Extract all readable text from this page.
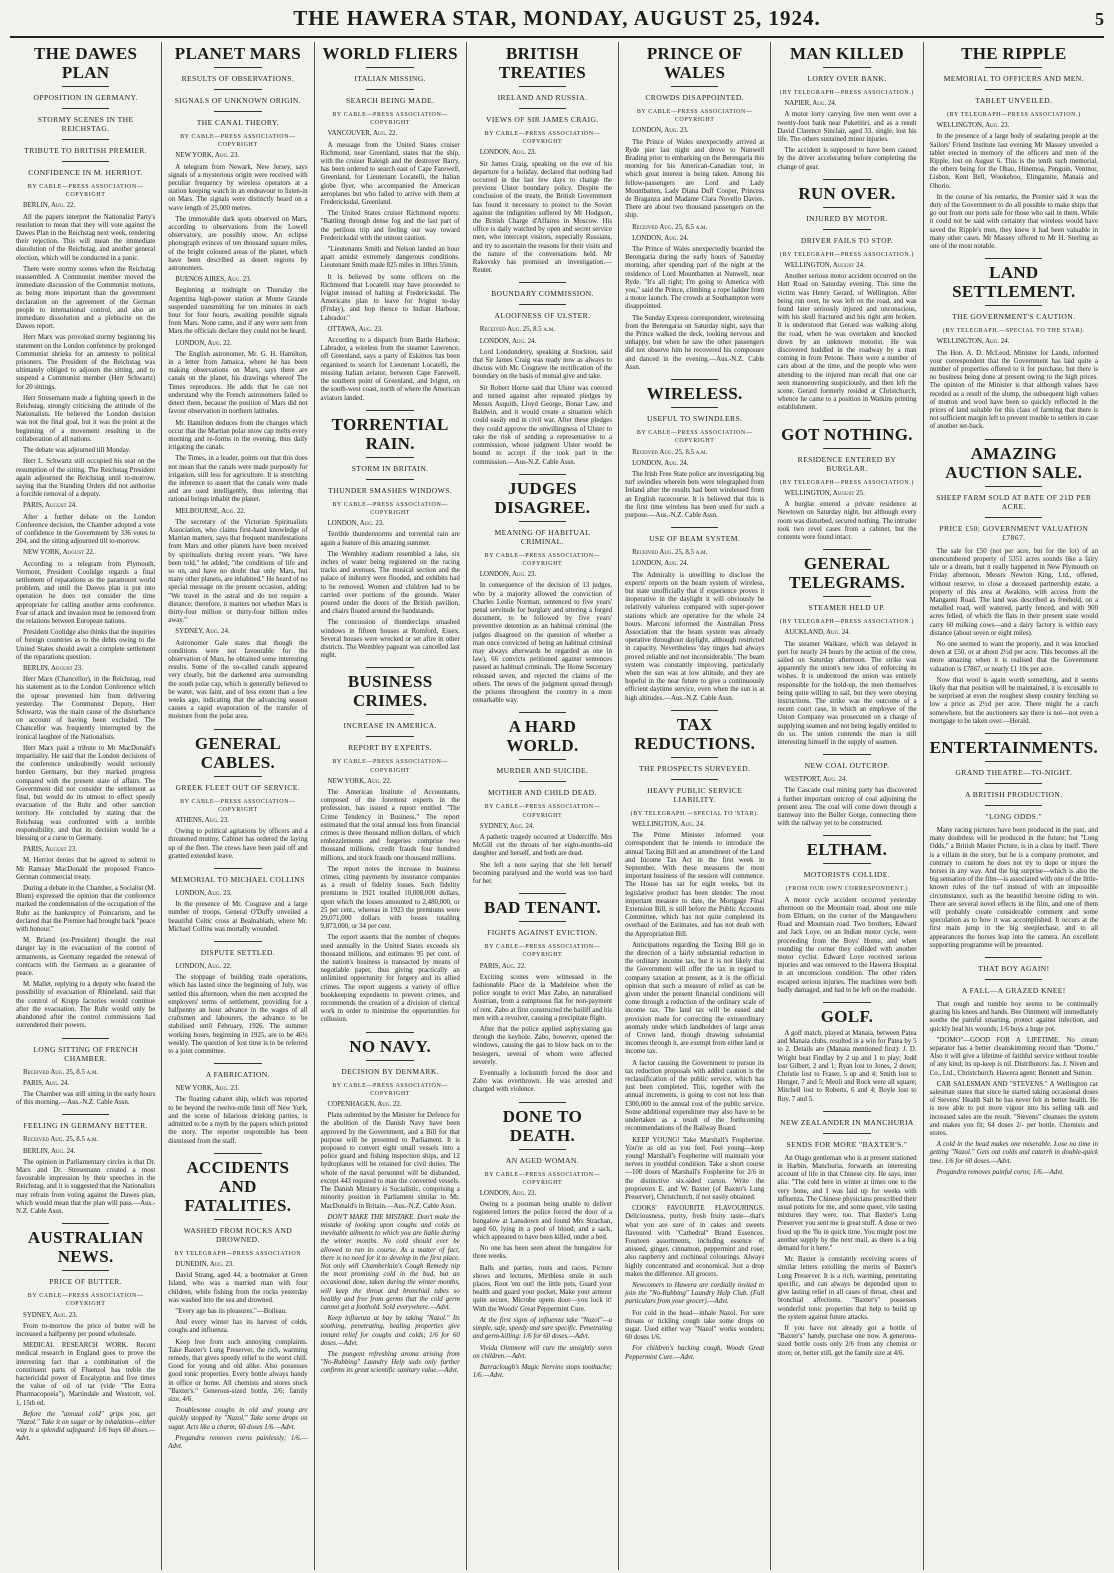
THE HAWERA STAR, MONDAY, AUGUST 25, 1924.	5
THE DAWES PLAN
OPPOSITION IN GERMANY.
STORMY SCENES IN THE REICHSTAG.
TRIBUTE TO BRITISH PREMIER.
CONFIDENCE IN M. HERRIOT.
BY CABLE—PRESS ASSOCIATION—COPYRIGHT

BERLIN, Aug. 22.

All the papers interpret the Nationalist Party's resolution to mean that they will vote against the Dawes Plan in the Reichstag next week, rendering their rejection. This will mean the immediate dissolution of the Reichstag, and another general election, which will be conducted in a panic.

There were stormy scenes when the Reichstag reassembled. A Communist member moved the immediate discussion of the Communist motions, as being more important than the government declaration on the agreement of the German people to international control, and also an immediate dissolution and a plebiscite on the Dawes report.

Herr Marx was provoked stormy beginning his statement on the London conference by prolonged Communist shrieks for an amnesty to political prisoners. The President of the Reichstag was ultimately obliged to adjourn the sitting, and to suspend a Communist member (Herr Schwartz) for 20 sittings.

Herr Stresemann made a fighting speech in the Reichstag, strongly criticising the attitude of the Nationalists. He believed the London decision was not the final goal, but it was the point at the beginning of a movement resulting in the collaboration of all nations.

The debate was adjourned till Monday.

Herr L. Schwartz still occupied his seat on the resumption of the sitting. The Reichstag President again adjourned the Reichstag until to-morrow, saying that the Standing Orders did not authorise a forcible removal of a deputy.

PARIS, August 24.

After a further debate on the London Conference decision, the Chamber adopted a vote of confidence in the Government by 336 votes to 204, and the sitting adjourned till to-morrow.

NEW YORK, August 22.

According to a telegram from Plymouth, Vermont, President Coolidge regards a final settlement of reparations as the paramount world problem, and until the Dawes plan is put into operation he does not consider the time appropriate for calling another arms conference. Fear of attack and invasion must be removed from the relations between European nations.

President Coolidge also thinks that the inquiries of foreign countries as to the debts owing to the United States should await a complete settlement of the reparations question.

BERLIN, August 23.

Herr Marx (Chancellor), in the Reichstag, read his statement as to the London Conference which the uproar prevented him from delivering yesterday. The Communist Deputy, Herr Schwartz, was the main cause of the disturbance on account of having been excluded. The Chancellor was frequently interrupted by the ironical laughter of the Nationalists.

Herr Marx paid a tribute to Mr MacDonald's impartiality. He said that the London decisions of the conference undoubtedly would seriously burden Germany, but they marked progress compared with the present state of affairs. The Government did not consider the settlement as final, but would do its utmost to effect speedy evacuation of the Ruhr and other sanction territory. He concluded by stating that the Reichstag was confronted with a terrible responsibility, and that its decision would be a blessing or a curse to Germany.

PARIS, August 23.

M. Herriot denies that he agreed to submit to Mr Ramsay MacDonald the proposed Franco-German commercial treaty.

During a debate in the Chamber, a Socialist (M. Blum) expressed the opinion that the conference marked the condemnation of the occupation of the Ruhr as the bankruptcy of Poincarism, and he declared that the Premier had brought back "peace with honour."

M. Briand (ex-President) thought the real danger lay in the evacuation of the control of armaments, as Germany regarded the renewal of contracts with the Germans as a guarantee of peace.

M. Mallet, replying to a deputy who feared the possibility of evacuation of Rhineland, said that the control of Krupp factories would continue after the evacuation. The Ruhr would only be abandoned after the control commissions had surrendered their powers.

LONG SITTING OF FRENCH CHAMBER.

Received Aug. 25, 8.5 a.m.

PARIS, Aug. 24.

The Chamber was still sitting in the early hours of this morning.—Aus.-N.Z. Cable Assn.

FEELING IN GERMANY BETTER.

Received Aug. 25, 8.5 a.m.

BERLIN, Aug. 24.

The opinion in Parliamentary circles is that Dr. Marx and Dr. Stresemann created a most favourable impression by their speeches in the Reichstag, and it is suggested that the Nationalists may refrain from voting against the Dawes plan, which would mean that the plan will pass.—Aus.-N.Z. Cable Assn.

AUSTRALIAN NEWS.
PRICE OF BUTTER.
BY CABLE—PRESS ASSOCIATION—COPYRIGHT

SYDNEY, Aug. 23.

From to-morrow the price of butter will be increased a halfpenny per pound wholesale.

MEDICAL RESEARCH WORK. Recent medical research in England goes to prove the interesting fact that a combination of the constituent parts of Fluenzol has treble the bactericidal power of Eucalyptus and five times the value of oil of tar (vide "The Extra Pharmacopoeia"), Martindale and Westcott, vol. 1, 15th ed.

Before the "annual cold" grips you, get "Nazol." Take it on sugar or by inhalation—either way is a splendid safeguard: 1/6 buys 60 doses.—Advt.

PLANET MARS
RESULTS OF OBSERVATIONS.
SIGNALS OF UNKNOWN ORIGIN.
THE CANAL THEORY.
BY CABLE—PRESS ASSOCIATION—COPYRIGHT

NEW YORK, Aug. 23.

A telegram from Newark, New Jersey, says signals of a mysterious origin were received with peculiar frequency by wireless operators at a station keeping watch in an endeavour to listen-in on Mars. The signals were distinctly heard on a wave length of 25,000 metres.

The immovable dark spots observed on Mars, according to observations from the Lowell observatory, are possibly snow. An eclipse photograph evinces of ten thousand square miles, of the bright coloured areas of the planet, which have been described as desert regions by astronomers.

BUENOS AIRES, Aug. 23.

Beginning at midnight on Thursday the Argentina high-power station at Monte Grande suspended transmitting for ten minutes in each hour for four hours, awaiting possible signals from Mars. None came, and if any were sent from Mars the officials declare they could not be heard.

LONDON, Aug. 22.

The English astronomer, Mr. G. H. Hamilton, in a letter from Jamaica, where he has been making observations on Mars, says there are canals on the planet, his drawings whereof The Times reproduces. He adds that he can not understand why the French astronomers failed to detect them, because the position of Mars did not favour observation in northern latitudes.

Mr. Hamilton deduces from the changes which occur that the Martian polar snow cap melts every morning and re-forms in the evening, thus daily irrigating the canals.

The Times, in a leader, points out that this does not mean that the canals were made purposely for irrigation, still less for agriculture. It is stretching the inference to assert that the canals were made and are used intelligently, thus inferring that rational beings inhabit the planet.

MELBOURNE, Aug. 22.

The secretary of the Victorian Spiritualists Association, who claims first-hand knowledge of Martian matters, says that frequent manifestations from Mars and other planets have been received by spiritualists during recent years. "We have been told," he added, "the conditions of life and so on, and have no doubt that only Mars, but many other planets, are inhabited." He heard of no special message on the present occasion, adding: "We travel in the astral and do not require a distance; therefore, it matters not whether Mars is thirty-four million or thirty-four billion miles away."

SYDNEY, Aug. 24.

Astronomer Gale states that though the conditions were not favourable for the observation of Mars, he obtained some interesting results. Some of the so-called canals appeared very clearly, but the darkened area surrounding the south polar cap, which is generally believed to be water, was faint, and of less extent than a few weeks ago, indicating that the advancing season causes a rapid evaporation of the transfer of moisture from the polar area.

GENERAL CABLES.
GREEK FLEET OUT OF SERVICE.
BY CABLE—PRESS ASSOCIATION—COPYRIGHT

ATHENS, Aug. 23.

Owing to political agitations by officers and a threatened mutiny, Cabinet has ordered the laying up of the fleet. The crews have been paid off and granted extended leave.

MEMORIAL TO MICHAEL COLLINS

LONDON, Aug. 23.

In the presence of Mr. Cosgrave and a large number of troops, General O'Duffy unveiled a beautiful Celtic cross at Bealnablath, where Mr. Michael Collins was mortally wounded.

DISPUTE SETTLED.

LONDON, Aug. 22.

The stoppage of building trade operations, which has lasted since the beginning of July, was settled this afternoon, when the men accepted the employers' terms of settlement, providing for a halfpenny an hour advance in the wages of all craftsmen and labourers, the advance to be stabilised until February, 1926. The summer working hours, beginning in 1925, are to be 46½ weekly. The question of lost time is to be referred to a joint committee.

A FABRICATION.

NEW YORK, Aug. 23.

The floating cabaret ship, which was reported to be beyond the twelve-mile limit off New York, and the scene of hilarious drinking parties, is admitted to be a myth by the papers which printed the story. The reporter responsible has been dismissed from the staff.

ACCIDENTS AND FATALITIES.
WASHED FROM ROCKS AND DROWNED.
BY TELEGRAPH—PRESS ASSOCIATION

DUNEDIN, Aug. 23.

David Strang, aged 44, a bootmaker at Green Island, who was a married man with four children, while fishing from the rocks yesterday was washed into the sea and drowned.

"Every age has its pleasures."—Boileau.

And every winter has its harvest of colds, coughs and influenza.

Keep free from such annoying complaints. Take Baxter's Lung Preserver, the rich, warming remedy, that gives speedy relief to the worst chill. Good for young and old alike. Also possesses good tonic properties. Every bottle always handy in office or home. All chemists and stores stock "Baxter's." Generous-sized bottle, 2/6; family size, 4/6.

Troublesome coughs in old and young are quickly stopped by "Nazol." Take some drops on sugar. Acts like a charm; 60 doses 1/6.—Advt.

Pregandra removes corns painlessly; 1/6.—Advt.

WORLD FLIERS
ITALIAN MISSING.
SEARCH BEING MADE.
BY CABLE—PRESS ASSOCIATION—COPYRIGHT

VANCOUVER, Aug. 22.

A message from the United States cruiser Richmond, near Greenland, states that the ship, with the cruiser Raleigh and the destroyer Barry, has been ordered to search east of Cape Farewell, Greenland, for Lieutenant Locatelli, the Italian globe flyer, who accompanied the American aeroplanes but who failed to arrive with them at Fredericksdal, Greenland.

The United States cruiser Richmond reports: "Battling through dense fog and the last part of the perilous trip and feeling our way toward Fredericksdal with the utmost caution.

"Lieutenants Smith and Nelson landed an hour apart amidst extremely dangerous conditions. Lieutenant Smith made 825 miles in 10hrs 55min.

It is believed by some officers on the Richmond that Locatelli may have proceeded to Ivigtut instead of halting at Fredericksdal. The Americans plan to leave for Ivigtut to-day (Friday), and hop thence to Indian Harbour, Labrador."

OTTAWA, Aug. 23.

According to a dispatch from Battle Harbour, Labrador, a wireless from the steamer Lawrence, off Greenland, says a party of Eskimos has been organised to search for Lieutenant Locatelli, the missing Italian aviator, between Cape Farewell, the southern point of Greenland, and Ivigtut, on the south-west coast, north of where the American aviators landed.

TORRENTIAL RAIN.
STORM IN BRITAIN.
THUNDER SMASHES WINDOWS.
BY CABLE—PRESS ASSOCIATION—COPYRIGHT

LONDON, Aug. 23.

Terrible thunderstorms and torrential rain are again a feature of this amazing summer.

The Wembley stadium resembled a lake, six inches of water being registered on the racing tracks and avenues. The musical section and the palace of industry were flooded, and exhibits had to be removed. Women and children had to be carried over portions of the grounds. Water poured under the doors of the British pavilion, and chairs floated around the bandstands.

The concussion of thunderclaps smashed windows in fifteen houses at Romford, Essex. Several houses were wrecked or set afire in other districts. The Wembley pageant was cancelled last night.

BUSINESS CRIMES.
INCREASE IN AMERICA.
REPORT BY EXPERTS.
BY CABLE—PRESS ASSOCIATION—COPYRIGHT

NEW YORK, Aug. 22.

The American Institute of Accountants, composed of the foremost experts in the profession, has issued a report entitled "The Crime Tendency in Business." The report estimated that the total annual loss from financial crimes is three thousand million dollars, of which embezzlements and forgeries comprise two thousand millions, credit frauds four hundred millions, and stock frauds one thousand millions.

The report notes the increase in business crimes, citing payments by insurance companies as a result of fidelity losses. Such fidelity premiums in 1921 totalled 10,008,000 dollars, upon which the losses amounted to 2,480,000, or 25 per cent., whereas in 1923 the premiums were 29,071,000 dollars with losses totalling 9,873,000, or 34 per cent.

The report asserts that the number of cheques used annually in the United States exceeds six thousand millions, and estimates 95 per cent. of the nation's business is transacted by means of negotiable paper, thus giving practically an unlimited opportunity for forgery and its allied crimes. The report suggests a variety of office bookkeeping expedients to prevent crimes, and recommends the creation of a division of clerical work in order to minimise the opportunities for collusion.

NO NAVY.
DECISION BY DENMARK.
BY CABLE—PRESS ASSOCIATION—COPYRIGHT

COPENHAGEN, Aug. 22.

Plans submitted by the Minister for Defence for the abolition of the Danish Navy have been approved by the Government, and a Bill for that purpose will be presented to Parliament. It is proposed to convert eight small vessels into a police guard and fishing inspection ships, and 12 hydroplanes will be retained for civil duties. The whole of the naval personnel will be disbanded, except 443 required to man the converted vessels. The Danish Ministry is Socialistic, comprising a minority position in Parliament similar to Mr. MacDonald's in Britain.—Aus.-N.Z. Cable Assn.

DON'T MAKE THE MISTAKE. Don't make the mistake of looking upon coughs and colds as inevitable ailments to which you are liable during the winter months. No cold should ever be allowed to run its course. As a matter of fact, there is no need for it to develop in the first place. Not only will Chamberlain's Cough Remedy nip the most promising cold in the bud, but an occasional dose, taken during the winter months, will keep the throat and bronchial tubes so healthy and free from germs that the cold germ cannot get a foothold. Sold everywhere.—Advt.

Keep influenza at bay by taking "Nazol." Its soothing, penetrating, healing properties give instant relief for coughs and colds; 1/6 for 60 doses.—Advt.

The pungent refreshing aroma arising from "No-Rubbing" Laundry Help suds only further confirms its great scientific sanitary value.—Advt.

BRITISH TREATIES
IRELAND AND RUSSIA.
VIEWS OF SIR JAMES CRAIG.
BY CABLE—PRESS ASSOCIATION—COPYRIGHT

LONDON, Aug. 23.

Sir James Craig, speaking on the eve of his departure for a holiday, declared that nothing had occurred in the last few days to change the previous Ulster boundary policy. Despite the conclusion of the treaty, the British Government has found it necessary to protect to the Soviet against the indignities suffered by Mr Hodgson, the British Charge d'Affaires in Moscow. His office is daily watched by open and secret service men, who intercept visitors, especially Russians, and try to ascertain the reasons for their visits and the nature of the conversations held. Mr Rakovsky has promised an investigation.—Reuter.

BOUNDARY COMMISSION.
ALOOFNESS OF ULSTER.

Received Aug. 25, 8.5 a.m.

LONDON, Aug. 24.

Lord Londonderry, speaking at Stockton, said that Sir James Craig was ready now as always to discuss with Mr. Cosgrave the rectification of the boundary on the basis of mutual give and take.

Sir Robert Horne said that Ulster was coerced and turned against after repeated pledges by Messrs Asquith, Lloyd George, Bonar Law, and Baldwin, and it would create a situation which could easily end in civil war. After these pledges they could approve the unwillingness of Ulster to take the risk of sending a representative to a commission, whose judgment Ulster would be bound to accept if the took part in the commission.—Aus-N.Z. Cable Assn.

JUDGES DISAGREE.
MEANING OF HABITUAL CRIMINAL.
BY CABLE—PRESS ASSOCIATION—COPYRIGHT

LONDON, Aug. 23.

In consequence of the decision of 13 judges, who by a majority allowed the conviction of Charles Leslie Norman, sentenced to five years' penal servitude for burglary and uttering a forged document, to be followed by five years' preventive detention as an habitual criminal (the judges disagreed on the question of whether a man once convicted of being an habitual criminal may always afterwards be regarded as one in law), 66 convicts petitioned against sentences passed as habitual criminals. The Home Secretary released seven, and rejected the claims of the others. The news of the judgment spread through the prisons throughout the country in a most remarkable way.

A HARD WORLD.
MURDER AND SUICIDE.
MOTHER AND CHILD DEAD.
BY CABLE—PRESS ASSOCIATION—COPYRIGHT

SYDNEY, Aug. 24.

A pathetic tragedy occurred at Underciffe. Mrs McGill cut the throats of her eight-months-old daughter and herself, and both are dead.

She left a note saying that she felt herself becoming paralysed and the world was too hard for her.

BAD TENANT.
FIGHTS AGAINST EVICTION.
BY CABLE—PRESS ASSOCIATION—COPYRIGHT

PARIS, Aug. 22.

Exciting scenes were witnessed in the fashionable Place de la Madeleine when the police sought to evict Max Zabo, an naturalised Austrian, from a sumptuous flat for non-payment of rent. Zabo at first constructed the bailiff and his men with a revolver, causing a precipitate flight.

After that the police applied asphyxiating gas through the keyhole. Zabo, however, opened the windows, causing the gas to blow back on to the besiegers, several of whom were affected severely.

Eventually a locksmith forced the door and Zabo was overthrown. He was arrested and charged with violence.

DONE TO DEATH.
AN AGED WOMAN.
BY CABLE—PRESS ASSOCIATION—COPYRIGHT

LONDON, Aug. 23.

Owing to a postman being unable to deliver registered letters the police forced the door of a bungalow at Lansdown and found Mrs Strachan, aged 60, lying in a pool of blood, and a sack, which appeared to have been killed, under a bed.

No one has been seen about the bungalow for three weeks.

Balls and parties, routs and races, Picture shows and lectures, Mirthless smile in such places, Root 'em out! the little pets, Guard your health and guard your pocket, Make your armour quite secure, Microbe opens door—you lock it! With the Woods' Great Peppermint Cure.

At the first signs of influenza take "Nazol"—a simple, safe, speedy and sure specific. Penetrating and germ-killing: 1/6 for 60 doses.—Advt.

Vivida Ointment will cure the unsightly sores on children.—Advt.

Barraclough's Magic Nervine stops toothache; 1/6.—Advt.

PRINCE OF WALES
CROWDS DISAPPOINTED.
BY CABLE—PRESS ASSOCIATION—COPYRIGHT

LONDON, Aug. 23.

The Prince of Wales unexpectedly arrived at Ryde pier last night and drove to Nunwell Brading prior to embarking on the Berengaria this morning for his American-Canadian tour, in which great interest is being taken. Among his fellow-passengers are Lord and Lady Mountbatten, Lady Diana Duff Cooper, Princess de Braganza and Madame Clara Novello Davies. There are about two thousand passengers on the ship.

Received Aug. 25, 8.5 a.m.

LONDON, Aug. 24.

The Prince of Wales unexpectedly boarded the Berengaria during the early hours of Saturday morning, after spending part of the night at the residence of Lord Mountbatten at Nunwell, near Ryde. "It's all right; I'm going to America with you," said the Prince, climbing a rope ladder from a motor launch. The crowds at Southampton were disappointed.

The Sunday Express correspondent, wirelessing from the Berengaria on Saturday night, says that the Prince walked the deck, looking nervous and unhappy, but when he saw the other passengers did not observe him he recovered his composure and danced in the evening.—Aus.-N.Z. Cable Assn.

WIRELESS.
USEFUL TO SWINDLERS.
BY CABLE—PRESS ASSOCIATION—COPYRIGHT

Received Aug. 25, 8.5 a.m.

LONDON, Aug. 24.

The Irish Free State police are investigating big turf swindles wherein bets were telegraphed from Ireland after the results had been wirelessed from an English racecourse. It is believed that this is the first time wireless has been used for such a purpose.—Aus.-N.Z. Cable Assn.

USE OF BEAM SYSTEM.

Received Aug. 25, 8.5 a.m.

LONDON, Aug. 24.

The Admiralty is unwilling to disclose the experts' reports on the beam system of wireless, but state unofficially that if experience proves it inoperative in the daylight it will obviously be relatively valueless compared with super-power stations which are operative for the whole 24 hours. Marconi informed the Australian Press Association that the beam system was already operative throughout daylight, although restricted in capacity. Nevertheless 'day tinges had always proved reliable and not inconsiderable.' The beam system was constantly improving, particularly when the sun was at low altitude, and they are hopeful in the near future to give a continuously efficient daytime service, even when the sun is at high altitudes.—Aus.-N.Z. Cable Assn.

TAX REDUCTIONS.
THE PROSPECTS SURVEYED.
HEAVY PUBLIC SERVICE LIABILITY.
(BY TELEGRAPH.—SPECIAL TO 'STAR).

WELLINGTON, Aug. 24.

The Prime Minister informed your correspondent that he intends to introduce the annual Taxing Bill and an amendment of the Land and Income Tax Act in the first week in September. With these measures the most important business of the session will commence. The House has sat for eight weeks, but its legislative product has been slender. The most important measure to date, the Mortgage Final Extension Bill, is still before the Public Accounts Committee, which has not quite completed its overhaul of the Estimates, and has not dealt with the Appropriation Bill.

Anticipations regarding the Taxing Bill go in the direction of a fairly substantial reduction in the ordinary income tax, but it is not likely that the Government will offer the tax in regard to company taxation at present, as it is the official opinion that such a measure of relief as can be given under the present financial conditions will come through a reduction of the ordinary scale of income tax. The land tax will be eased and provision made for correcting the extraordinary anomaly under which landholders of large areas of Crown land, though drawing substantial incomes through it, are exempt from either land or income tax.

A factor causing the Government to pursue its tax reduction proposals with added caution is the reclassification of the public service, which has just been completed. This, together with the annual increments, is going to cost not less than £300,000 to the annual cost of the public service. Some additional expenditure may also have to be undertaken as a result of the forthcoming recommendations of the Railway Board.

KEEP YOUNG! Take Marshall's Fospherine. You're as old as you feel. Feel young—keep young! Marshall's Fospherine will maintain your nerves in youthful condition. Take a short course—100 doses of Marshall's Fospherine for 2/6 in the distinctive six-sided carton. Write the proprietors E. and W. Baxter (of Baxter's Lung Preserver), Christchurch, if not easily obtained.

COOKS' FAVOURITE FLAVOURINGS. Deliciousness, purity, fresh fruity taste—that's what you are sure of in cakes and sweets flavoured with "Cathedral" Brand Essences. Fourteen assortments, including essence of aniseed, ginger, cinnamon, peppermint and rose; also raspberry and cochineal colourings. Always highly concentrated and economical. Just a drop makes the difference. All grocers.

Newcomers to Hawera are cordially invited to join the "No-Rubbing" Laundry Help Club. (Full particulars from your grocer).—Advt.

For cold in the head—inhale Nazol. For sore throats or tickling cough take some drops on sugar. Used either way "Nazol" works wonders; 60 doses 1/6.

For children's hacking cough, Woods Great Peppermint Cure.—Advt.

MAN KILLED
LORRY OVER BANK.
(BY TELEGRAPH—PRESS ASSOCIATION.)

NAPIER, Aug. 24.

A motor lorry carrying five men went over a twenty-foot bank near Puketitiri, and as a result David Clarence Sinclair, aged 33, single, lost his life. The others sustained minor injuries.

The accident is supposed to have been caused by the driver accelerating before completing the change of gear.

RUN OVER.
INJURED BY MOTOR.
DRIVER FAILS TO STOP.
(BY TELEGRAPH—PRESS ASSOCIATION.)

WELLINGTON, August 24.

Another serious motor accident occurred on the Hutt Road on Saturday evening. This time the victim was Henry Gerard, of Wellington. After being run over, he was left on the road, and was found later seriously injured and unconscious, with his skull fractured and his right arm broken. It is understood that Gerard was walking along the road, when he was overtaken and knocked down by an unknown motorist. He was discovered huddled in the roadway by a man coming in from Petone. There were a number of cars about at the time, and the people who were attending to the injured man recall that one car seen manoeuvring suspiciously, and then left the scene. Gerard formerly resided at Christchurch, whence he came to a position in Watkins printing establishment.

GOT NOTHING.
RESIDENCE ENTERED BY BURGLAR.
(BY TELEGRAPH—PRESS ASSOCIATION.)

WELLINGTON, August 25.

A burglar entered a private residence at Newtown on Saturday night, but although every room was disturbed, secured nothing. The intruder took two revel cases from a cabinet, but the contents were found intact.

GENERAL TELEGRAMS.
STEAMER HELD UP.
(BY TELEGRAPH—PRESS ASSOCIATION.)

AUCKLAND, Aug. 24.

The steamer Waikare, which was delayed in port for nearly 24 hours by the action of the crew, sailed on Saturday afternoon. The strike was apparently the union's new idea of enforcing its wishes. It is understood the union was entirely responsible for the hold-up, the men themselves being quite willing to sail, but they were obeying instructions. The strike was the outcome of a recent court case, in which an employee of the Union Company was prosecuted on a charge of supplying seamen and not being legally entitled to do so. The union contends the man is still interesting himself in the supply of seamen.

NEW COAL OUTCROP.

WESTPORT, Aug. 24.

The Cascade coal mining party has discovered a further important outcrop of coal adjoining the present area. The coal will come down through a tramway into the Buller Gorge, connecting there with the railway yet to be constructed.

ELTHAM.
MOTORISTS COLLIDE.
(FROM OUR OWN CORRESPONDENT.)

A motor cycle accident occurred yesterday afternoon on the Mountain road, about one mile from Eltham, on the corner of the Mangawhero Road and Mountain road. Two brothers, Edward and Jack Loye, on an Indian motor cycle, were proceeding from the Boys' Home, and when rounding the corner they collided with another motor cyclist. Edward Loye received serious injuries and was removed to the Hawera Hospital in an unconscious condition. The other riders escaped serious injuries. The machines were both badly damaged, and had to be left on the roadside.

GOLF.

A golf match, played at Manaia, between Patea and Manaia clubs, resulted in a win for Patea by 5 to 2. Details are (Manaia mentioned first): J. D. Wright beat Findlay by 2 up and 1 to play; Jodd lost Gilbert, 2 and 1; Ryan lost to Jones, 2 down; Christie lost to Fraser, 5 up and 4; Smith lost to Hunger, 7 and 5; Meuli and Rock were all square; Mitchell lost to Roberts, 6 and 4; Boyle lost to Ruy, 7 and 5.

NEW ZEALANDER IN MANCHURIA
SENDS FOR MORE "BAXTER'S."

An Otago gentleman who is at present stationed in Harbin, Manchuria, forwards an interesting account of life in that Chinese city. He says, inter alia: "The cold here in winter at times one to the very bone, and I was laid up for weeks with influenza. The Chinese physicians prescribed their usual potions for me, and some queer, vile tasting mixtures they were, too. That Baxter's Lung Preserver you sent me is great stuff. A dose or two fixed up the 'flu in quick time. You might post me another supply by the next mail, as there is a big demand for it here."

Mr. Baxter is constantly receiving scores of similar letters extolling the merits of Baxter's Lung Preserver. It is a rich, warming, penetrating specific, and can always be depended upon to give lasting relief in all cases of throat, chest and bronchial affections. "Baxter's" possesses wonderful tonic properties that help to build up the system against future attacks.

If you have not already got a bottle of "Baxter's" handy, purchase one now. A generous-sized bottle costs only 2/6 from any chemist or store; or, better still, get the family size at 4/6.

THE RIPPLE
MEMORIAL TO OFFICERS AND MEN.
TABLET UNVEILED.
(BY TELEGRAPH—PRESS ASSOCIATION.)

WELLINGTON, Aug. 23.

In the presence of a large body of seafaring people at the Sailors' Friend Institute last evening Mr Massey unveiled a tablet erected in memory of the officers and men of the Ripple, lost on August 6. This is the tenth such memorial, the others being for the Ohau, Hinemoa, Penguin, Ventnor, Lisbon, Kent Bell, Wookeboo, Elingamite, Manaia and Ohorio.

In the course of his remarks, the Premier said it was the duty of the Government to do all possible to make ships that go out from our ports safe for those who sail in them. While it could not be said with certainty that wireless would have saved the Ripple's men, they knew it had been valuable in many other cases. Mr Massey offered to Mr H. Sterling as one of the most notable.

LAND SETTLEMENT.
THE GOVERNMENT'S CAUTION.
(BY TELEGRAPH.—SPECIAL TO THE STAR).

WELLINGTON, Aug. 24.

The Hon. A. D. McLeod, Minister for Lands, informed your correspondent that the Government has laid quite a number of properties offered to it for purchase, but there is no business being done at present owing to the high prices. The opinion of the Minister is that although values have receded as a result of the slump, the subsequent high values of mutton and wool have been so quickly reflected in the prices of land suitable for this class of farming that there is not sufficient margin left to prevent trouble to settlers in case of another set-back.

AMAZING AUCTION SALE.
SHEEP FARM SOLD AT RATE OF 21D PER ACRE.
PRICE £50; GOVERNMENT VALUATION £7867.

The sale for £50 (not per acre, but for the lot) of an unencumbered property of 5351 acres sounds like a fairy tale or a dream, but it really happened in New Plymouth on Friday afternoon, Messrs Newton King, Ltd., offered, without reserve, to close a deceased partnership estate, a property of this area at Awakino, with access from the Mangaoni Road. The land was described as freehold, on a metalled road, well watered, partly fenced, and with 900 acres felled, of which the flats in their present state would carry 60 milking cows—and a dairy factory is within easy distance (about seven or eight miles).

No one seemed to want the property, and it was knocked down at £50, or at about 2½d per acre. This becomes all the more amazing when it is realised that the Government valuation is £7867, or nearly £1 10s per acre.

Now that wool is again worth something, and it seems likely that that position will be maintained, it is excusable to be surprised at even the roughest sheep country fetching so low a price as 2½d per acre. There might be a catch somewhere, but the auctioneers say there is not—not even a mortgage to be taken over.—Herald.

ENTERTAINMENTS.
GRAND THEATRE—TO-NIGHT.
A BRITISH PRODUCTION.
"LONG ODDS."

Many racing pictures have been produced in the past, and many doubtless will be produced in the future; but "Long Odds," a British Master Picture, is in a class by itself. There is a villain in the story, but he is a company promoter, and contrary to custom he does not try to dope or injure the horses in any way. And the big surprise—which is also the big sensation of the film—is associated with one of the little-known rules of the turf instead of with an impossible circumstance, such as the beautiful heroine riding to win. There are several novel effects in the film, and one of them will probably create considerable comment and some speculation as to how it was accomplished. It occurs at the first main jump in the big steeplechase, and to all appearances the horses leap into the camera. An excellent supporting programme will be presented.

THAT BOY AGAIN!
A FALL—A GRAZED KNEE!

That rough and tumble boy seems to be continually grazing his knees and hands. Bee Ointment will immediately soothe the painful smarting, protect against infection, and quickly heal his wounds; 1/6 buys a huge pot.

"DOMO"—GOOD FOR A LIFETIME. No cream separator has a better cleanskimming record than "Domo." Also it will give a lifetime of faithful service without trouble of any kind; its up-keep is nil. Distributors: Jas. J. Niven and Co., Ltd., Christchurch. Hawera agent: Bennett and Sutton.

CAR SALESMAN AND "STEVENS." A Wellington car salesman states that since he started taking occasional doses of Stevens' Health Salt he has never felt in better health. He is now able to put more vigour into his selling talk and increased sales are the result. "Stevens" cleanses the system and makes you fit; 64 doses 2/- per bottle. Chemists and stores.

A cold in the head makes one miserable. Lose no time in getting "Nazol." Gets out colds and catarrh in double-quick time. 1/6 for 60 doses.—Advt.

Pregandra removes painful corns; 1/6.—Advt.
